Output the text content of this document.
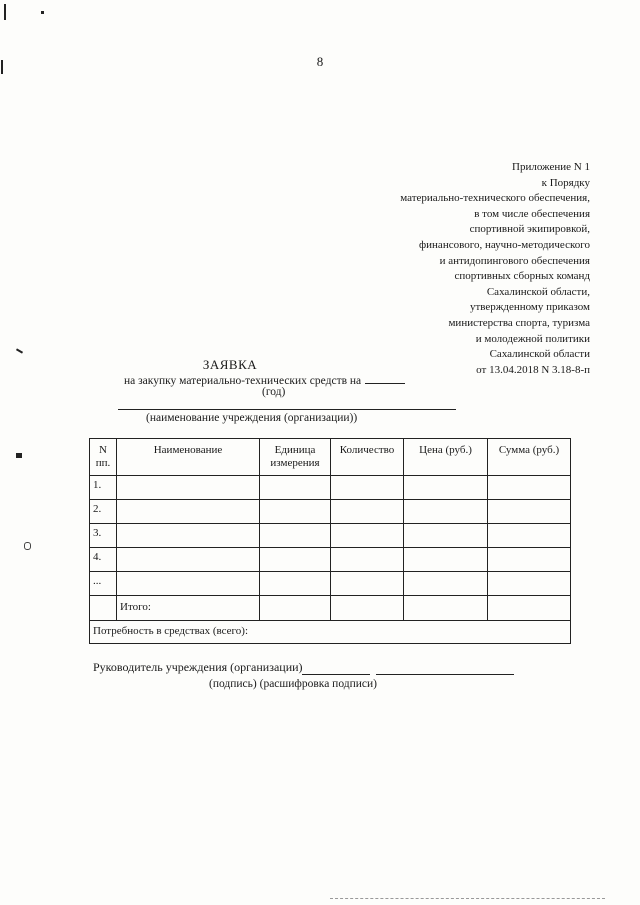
8
Приложение N 1
к Порядку
материально-технического обеспечения,
в том числе обеспечения
спортивной экипировкой,
финансового, научно-методического
и антидопингового обеспечения
спортивных сборных команд
Сахалинской области,
утвержденному приказом
министерства спорта, туризма
и молодежной политики
Сахалинской области
от 13.04.2018 N 3.18-8-п
ЗАЯВКА
на закупку материально-технических средств на
(год)
(наименование учреждения (организации))
N пп.	Наименование	Единица измерения	Количество	Цена (руб.)	Сумма (руб.)
1.					
2.					
3.					
4.					
...					
	Итого:				
Потребность в средствах (всего):					
Руководитель учреждения (организации)
(подпись) (расшифровка подписи)
